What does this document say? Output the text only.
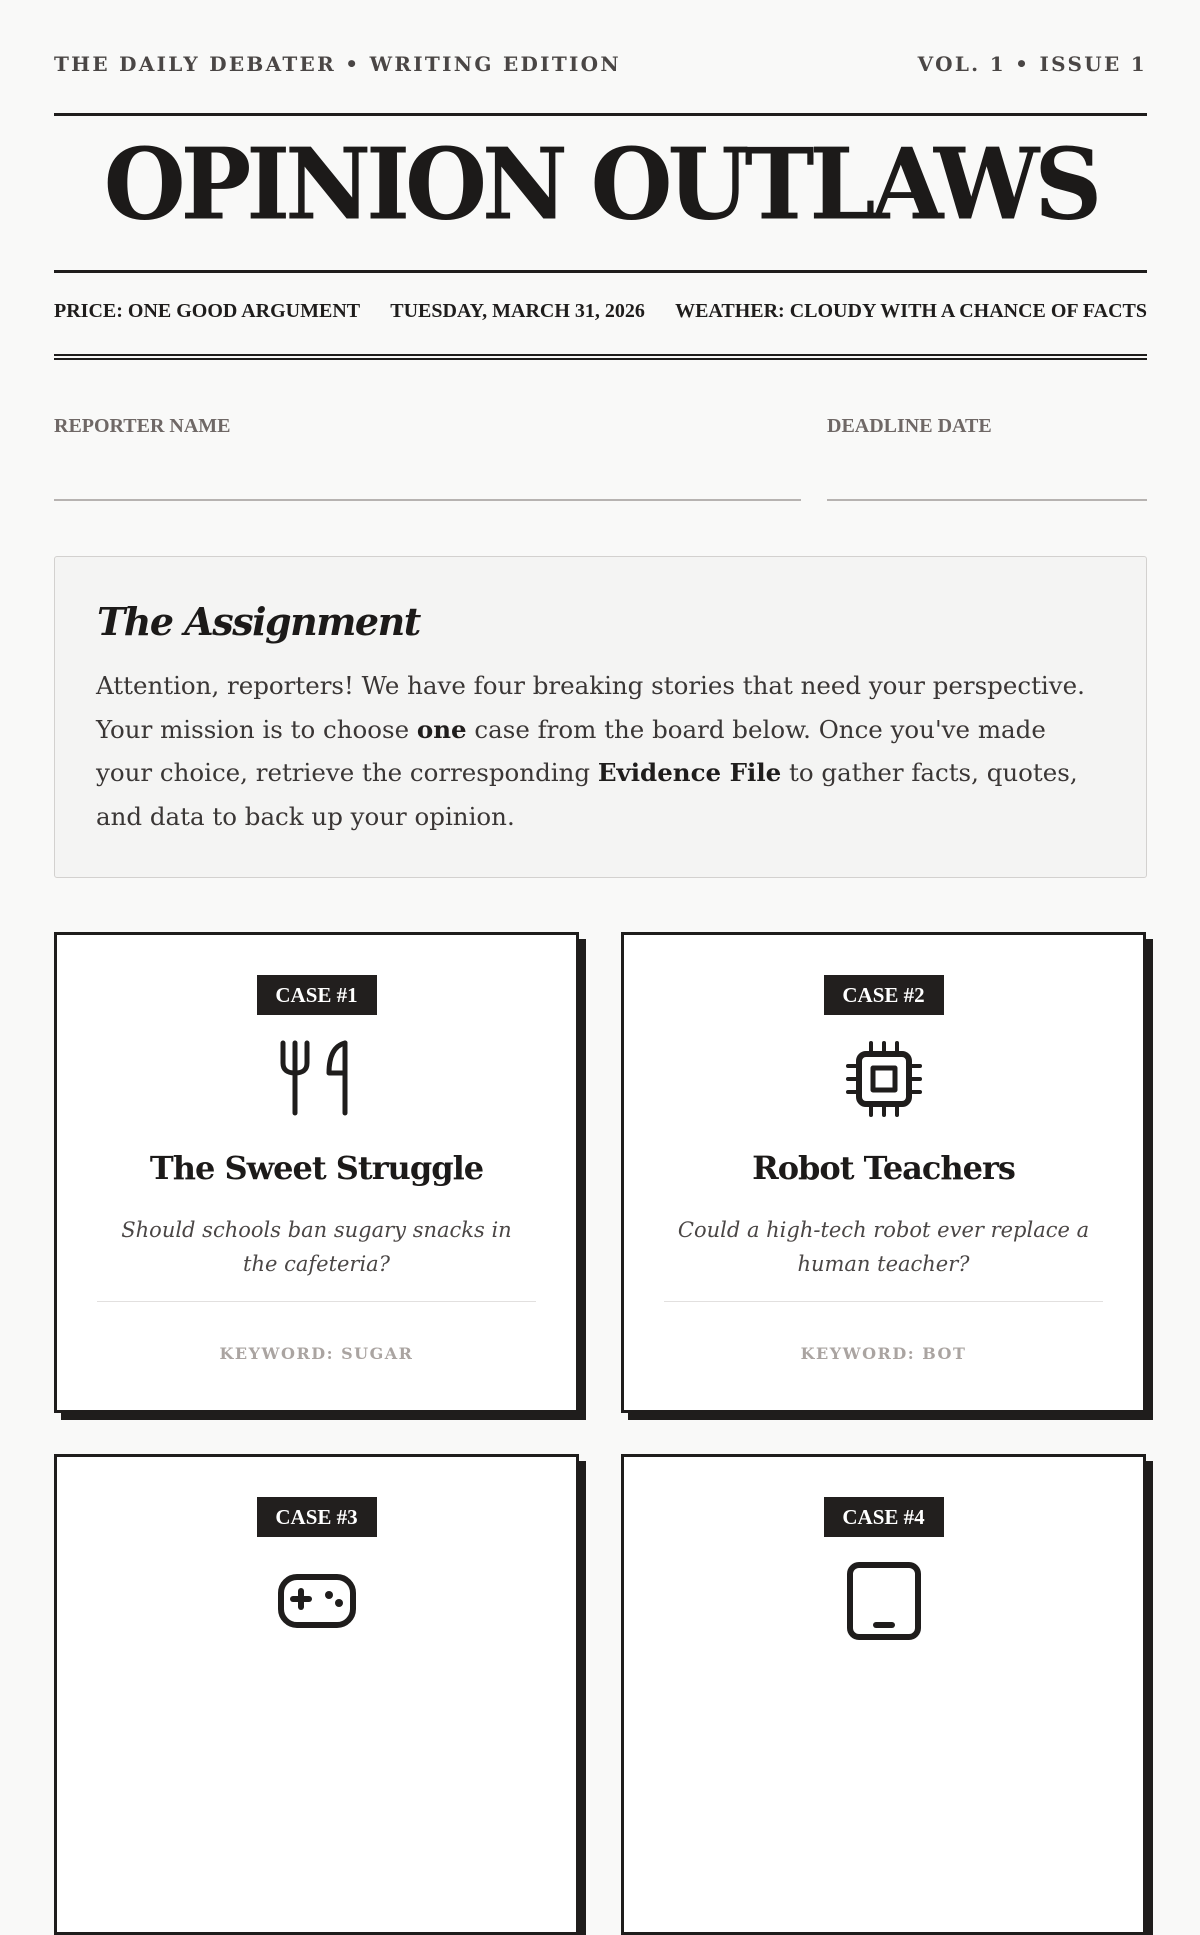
THE DAILY DEBATER • WRITING EDITION	VOL. 1 • ISSUE 1
OPINION OUTLAWS
PRICE: ONE GOOD ARGUMENT TUESDAY, MARCH 31, 2026 WEATHER: CLOUDY WITH A CHANCE OF FACTS
REPORTER NAME	DEADLINE DATE
The Assignment
Attention, reporters! We have four breaking stories that need your perspective. Your mission is to choose one case from the board below. Once you've made your choice, retrieve the corresponding Evidence File to gather facts, quotes, and data to back up your opinion.
CASE #1
The Sweet Struggle
Should schools ban sugary snacks in the cafeteria?
KEYWORD: SUGAR
CASE #2
Robot Teachers
Could a high-tech robot ever replace a human teacher?
KEYWORD: BOT
CASE #3	CASE #4
